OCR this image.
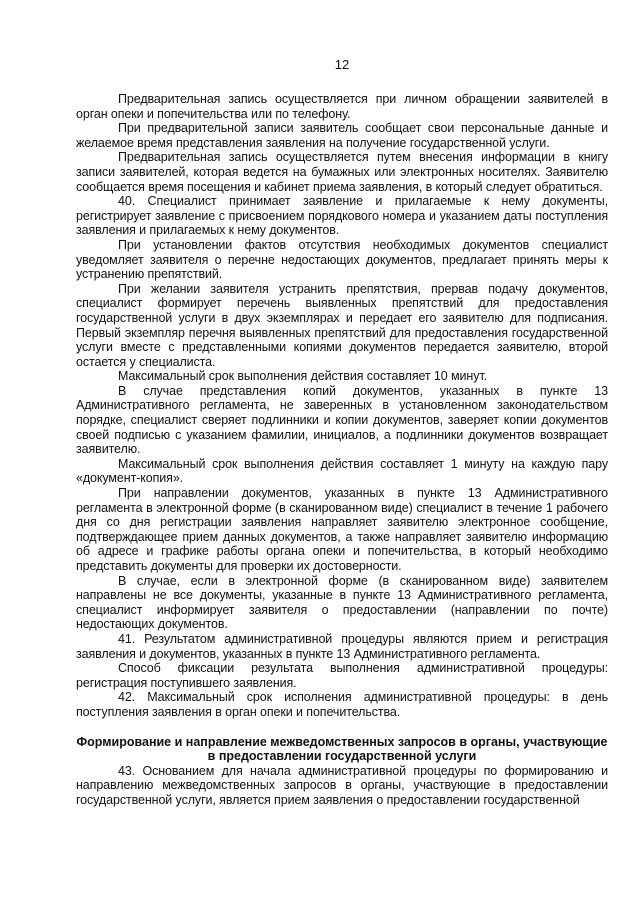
12

Предварительная запись осуществляется при личном обращении заявителей в орган опеки и попечительства или по телефону.

При предварительной записи заявитель сообщает свои персональные данные и желаемое время представления заявления на получение государственной услуги.

Предварительная запись осуществляется путем внесения информации в книгу записи заявителей, которая ведется на бумажных или электронных носителях. Заявителю сообщается время посещения и кабинет приема заявления, в который следует обратиться.

40. Специалист принимает заявление и прилагаемые к нему документы, регистрирует заявление с присвоением порядкового номера и указанием даты поступления заявления и прилагаемых к нему документов.

При установлении фактов отсутствия необходимых документов специалист уведомляет заявителя о перечне недостающих документов, предлагает принять меры к устранению препятствий.

При желании заявителя устранить препятствия, прервав подачу документов, специалист формирует перечень выявленных препятствий для предоставления государственной услуги в двух экземплярах и передает его заявителю для подписания. Первый экземпляр перечня выявленных препятствий для предоставления государственной услуги вместе с представленными копиями документов передается заявителю, второй остается у специалиста.

Максимальный срок выполнения действия составляет 10 минут.

В случае представления копий документов, указанных в пункте 13 Административного регламента, не заверенных в установленном законодательством порядке, специалист сверяет подлинники и копии документов, заверяет копии документов своей подписью с указанием фамилии, инициалов, а подлинники документов возвращает заявителю.

Максимальный срок выполнения действия составляет 1 минуту на каждую пару «документ-копия».

При направлении документов, указанных в пункте 13 Административного регламента в электронной форме (в сканированном виде) специалист в течение 1 рабочего дня со дня регистрации заявления направляет заявителю электронное сообщение, подтверждающее прием данных документов, а также направляет заявителю информацию об адресе и графике работы органа опеки и попечительства, в который необходимо представить документы для проверки их достоверности.

В случае, если в электронной форме (в сканированном виде) заявителем направлены не все документы, указанные в пункте 13 Административного регламента, специалист информирует заявителя о предоставлении (направлении по почте) недостающих документов.

41. Результатом административной процедуры являются прием и регистрация заявления и документов, указанных в пункте 13 Административного регламента.

Способ фиксации результата выполнения административной процедуры: регистрация поступившего заявления.

42. Максимальный срок исполнения административной процедуры: в день поступления заявления в орган опеки и попечительства.

Формирование и направление межведомственных запросов в органы, участвующие в предоставлении государственной услуги

43. Основанием для начала административной процедуры по формированию и направлению межведомственных запросов в органы, участвующие в предоставлении государственной услуги, является прием заявления о предоставлении государственной
